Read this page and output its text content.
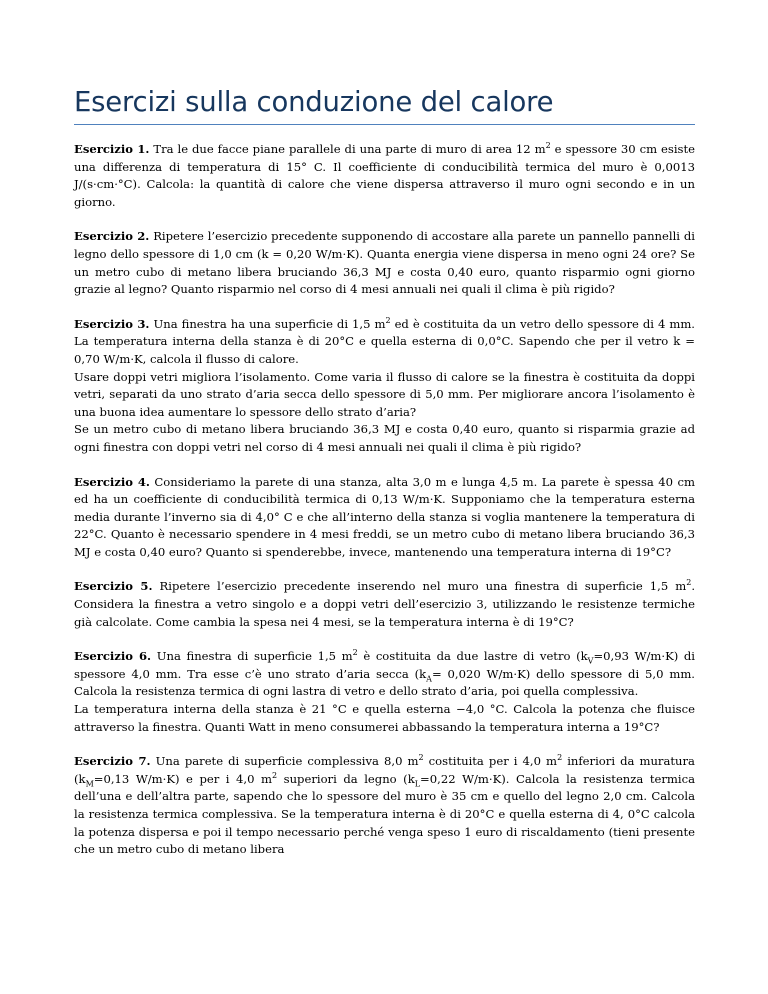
Esercizi sulla conduzione del calore

Esercizio 1. Tra le due facce piane parallele di una parte di muro di area 12 $m^2$ e spessore 30 cm esiste una differenza di temperatura di 15° C. Il coefficiente di conducibilità termica del muro è 0,0013 J/(s·cm·°C). Calcola: la quantità di calore che viene dispersa attraverso il muro ogni secondo e in un giorno.

Esercizio 2. Ripetere l’esercizio precedente supponendo di accostare alla parete un pannello pannelli di legno dello spessore di 1,0 cm (k = 0,20 W/m·K). Quanta energia viene dispersa in meno ogni 24 ore? Se un metro cubo di metano libera bruciando 36,3 MJ e costa 0,40 euro, quanto risparmio ogni giorno grazie al legno? Quanto risparmio nel corso di 4 mesi annuali nei quali il clima è più rigido?

Esercizio 3. Una finestra ha una superficie di 1,5 $m^2$ ed è costituita da un vetro dello spessore di 4 mm. La temperatura interna della stanza è di 20°C e quella esterna di 0,0°C. Sapendo che per il vetro k = 0,70 W/m·K, calcola il flusso di calore.

Usare doppi vetri migliora l’isolamento. Come varia il flusso di calore se la finestra è costituita da doppi vetri, separati da uno strato d’aria secca dello spessore di 5,0 mm. Per migliorare ancora l’isolamento è una buona idea aumentare lo spessore dello strato d’aria?

Se un metro cubo di metano libera bruciando 36,3 MJ e costa 0,40 euro, quanto si risparmia grazie ad ogni finestra con doppi vetri nel corso di 4 mesi annuali nei quali il clima è più rigido?

Esercizio 4. Consideriamo la parete di una stanza, alta 3,0 m e lunga 4,5 m. La parete è spessa 40 cm ed ha un coefficiente di conducibilità termica di 0,13 W/m·K. Supponiamo che la temperatura esterna media durante l’inverno sia di 4,0° C e che all’interno della stanza si voglia mantenere la temperatura di 22°C. Quanto è necessario spendere in 4 mesi freddi, se un metro cubo di metano libera bruciando 36,3 MJ e costa 0,40 euro? Quanto si spenderebbe, invece, mantenendo una temperatura interna di 19°C?

Esercizio 5. Ripetere l’esercizio precedente inserendo nel muro una finestra di superficie 1,5 $m^2$. Considera la finestra a vetro singolo e a doppi vetri dell’esercizio 3, utilizzando le resistenze termiche già calcolate. Come cambia la spesa nei 4 mesi, se la temperatura interna è di 19°C?

Esercizio 6. Una finestra di superficie 1,5 $m^2$ è costituita da due lastre di vetro ($k_V=0,93$ W/m·K) di spessore 4,0 mm. Tra esse c’è uno strato d’aria secca ($k_A= 0,020$ W/m·K) dello spessore di 5,0 mm. Calcola la resistenza termica di ogni lastra di vetro e dello strato d’aria, poi quella complessiva.

La temperatura interna della stanza è 21 °C e quella esterna −4,0 °C. Calcola la potenza che fluisce attraverso la finestra. Quanti Watt in meno consumerei abbassando la temperatura interna a 19°C?

Esercizio 7. Una parete di superficie complessiva 8,0 $m^2$ costituita per i 4,0 $m^2$ inferiori da muratura ($k_M=0,13$ W/m·K) e per i 4,0 $m^2$ superiori da legno ($k_L=0,22$ W/m·K). Calcola la resistenza termica dell’una e dell’altra parte, sapendo che lo spessore del muro è 35 cm e quello del legno 2,0 cm. Calcola la resistenza termica complessiva. Se la temperatura interna è di 20°C e quella esterna di 4, 0°C calcola la potenza dispersa e poi il tempo necessario perché venga speso 1 euro di riscaldamento (tieni presente che un metro cubo di metano libera
